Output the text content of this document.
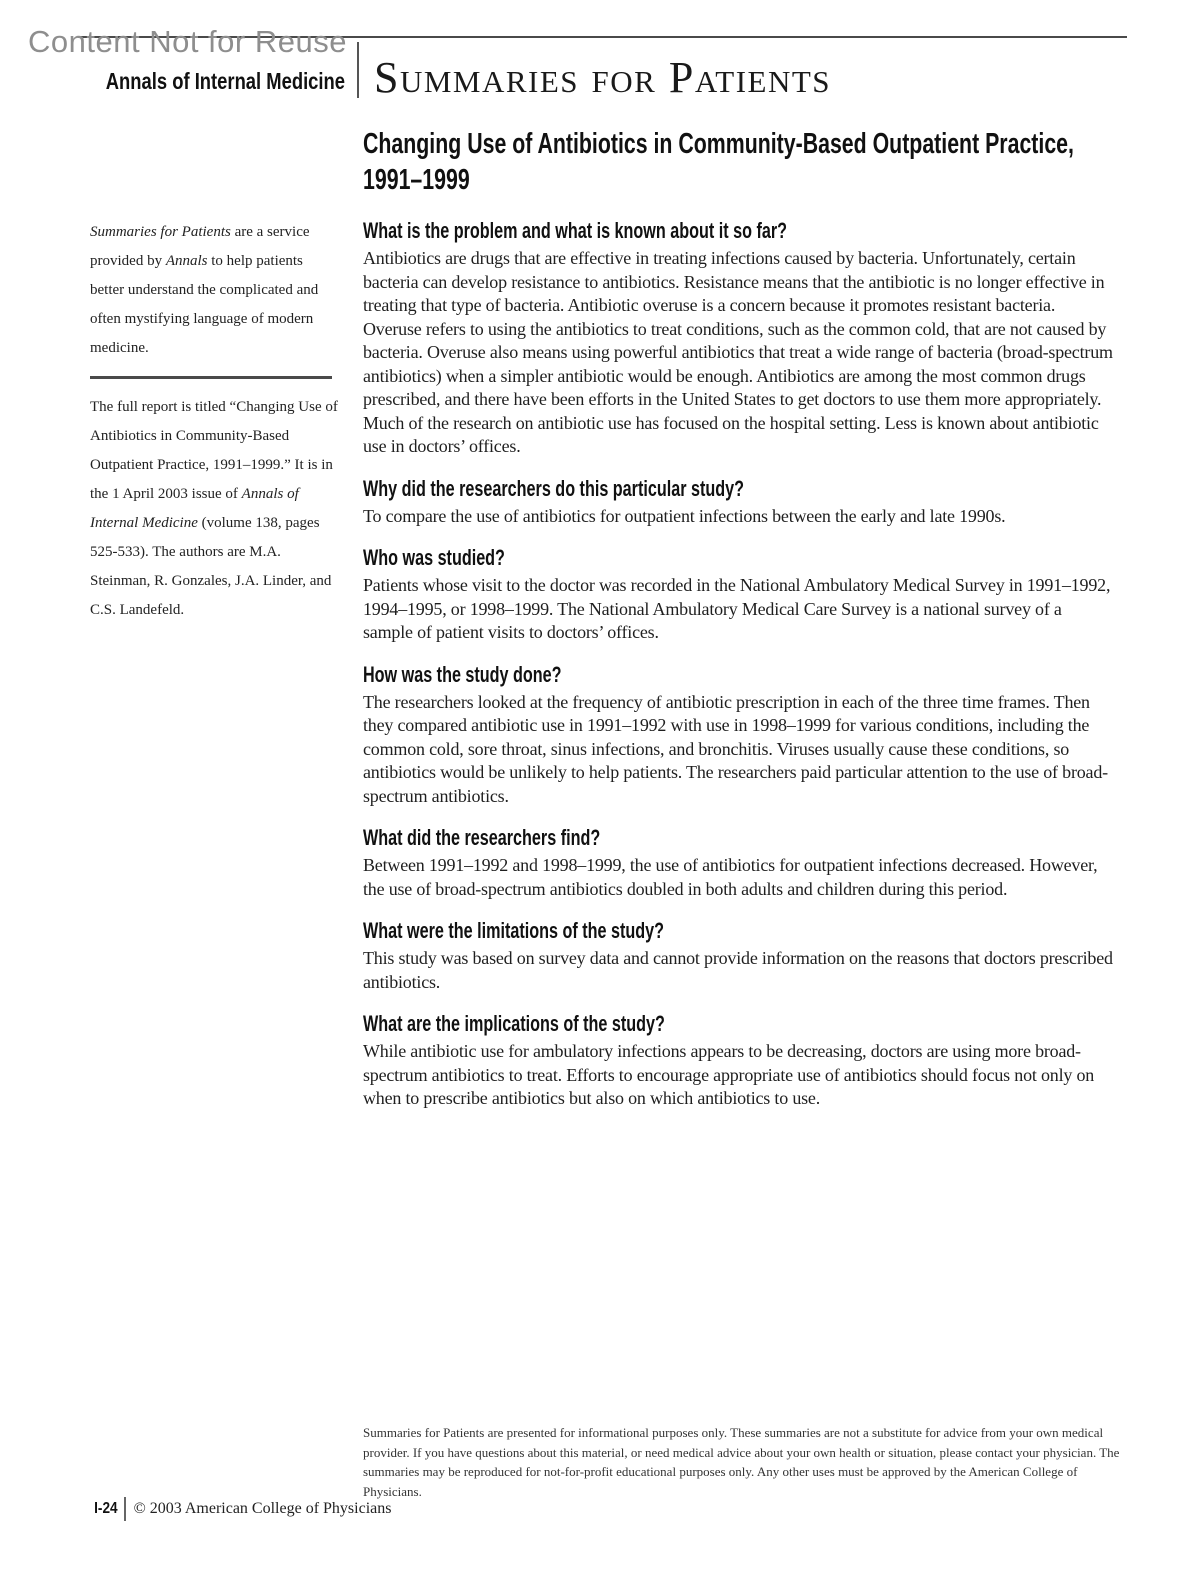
Content Not for Reuse
Annals of Internal Medicine Summaries for Patients

Summaries for Patients are a service provided by Annals to help patients better understand the complicated and often mystifying language of modern medicine.

The full report is titled “Changing Use of Antibiotics in Community-Based Outpatient Practice, 1991–1999.” It is in the 1 April 2003 issue of Annals of Internal Medicine (volume 138, pages 525-533). The authors are M.A. Steinman, R. Gonzales, J.A. Linder, and C.S. Landefeld.

Changing Use of Antibiotics in Community-Based Outpatient Practice, 1991–1999
What is the problem and what is known about it so far?

Antibiotics are drugs that are effective in treating infections caused by bacteria. Unfortunately, certain bacteria can develop resistance to antibiotics. Resistance means that the antibiotic is no longer effective in treating that type of bacteria. Antibiotic overuse is a concern because it promotes resistant bacteria. Overuse refers to using the antibiotics to treat conditions, such as the common cold, that are not caused by bacteria. Overuse also means using powerful antibiotics that treat a wide range of bacteria (broad-spectrum antibiotics) when a simpler antibiotic would be enough. Antibiotics are among the most common drugs prescribed, and there have been efforts in the United States to get doctors to use them more appropriately. Much of the research on antibiotic use has focused on the hospital setting. Less is known about antibiotic use in doctors’ offices.

Why did the researchers do this particular study?

To compare the use of antibiotics for outpatient infections between the early and late 1990s.

Who was studied?

Patients whose visit to the doctor was recorded in the National Ambulatory Medical Survey in 1991–1992, 1994–1995, or 1998–1999. The National Ambulatory Medical Care Survey is a national survey of a sample of patient visits to doctors’ offices.

How was the study done?

The researchers looked at the frequency of antibiotic prescription in each of the three time frames. Then they compared antibiotic use in 1991–1992 with use in 1998–1999 for various conditions, including the common cold, sore throat, sinus infections, and bronchitis. Viruses usually cause these conditions, so antibiotics would be unlikely to help patients. The researchers paid particular attention to the use of broad-spectrum antibiotics.

What did the researchers find?

Between 1991–1992 and 1998–1999, the use of antibiotics for outpatient infections decreased. However, the use of broad-spectrum antibiotics doubled in both adults and children during this period.

What were the limitations of the study?

This study was based on survey data and cannot provide information on the reasons that doctors prescribed antibiotics.

What are the implications of the study?

While antibiotic use for ambulatory infections appears to be decreasing, doctors are using more broad-spectrum antibiotics to treat. Efforts to encourage appropriate use of antibiotics should focus not only on when to prescribe antibiotics but also on which antibiotics to use.

Summaries for Patients are presented for informational purposes only. These summaries are not a substitute for advice from your own medical provider. If you have questions about this material, or need medical advice about your own health or situation, please contact your physician. The summaries may be reproduced for not-for-profit educational purposes only. Any other uses must be approved by the American College of Physicians.
I-24 © 2003 American College of Physicians
